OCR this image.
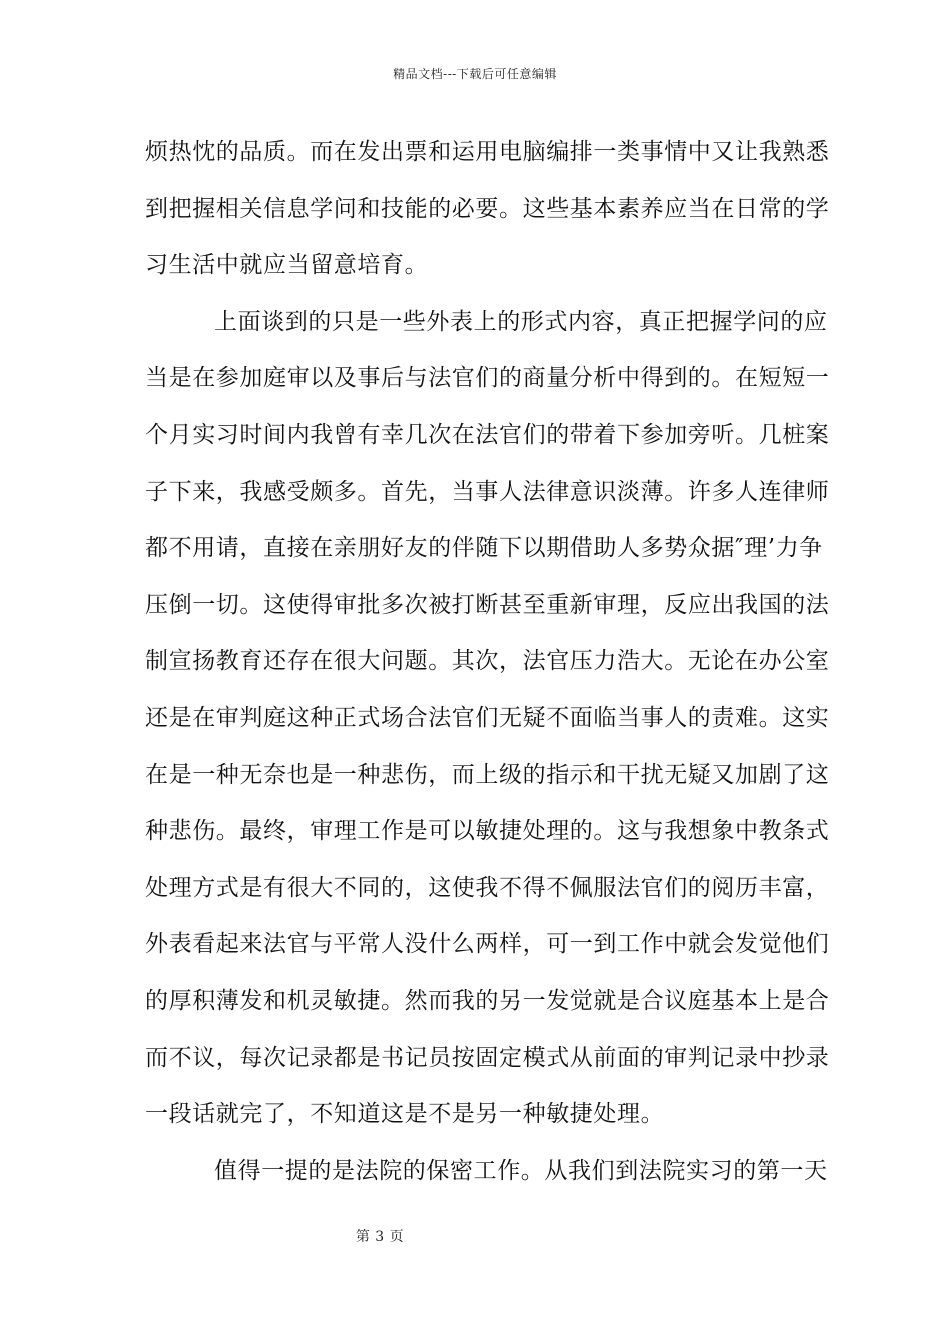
精品文档---下载后可任意编辑
烦热忱的品质。而在发出票和运用电脑编排一类事情中又让我熟悉
到把握相关信息学问和技能的必要。这些基本素养应当在日常的学
习生活中就应当留意培育。
上面谈到的只是一些外表上的形式内容，真正把握学问的应
当是在参加庭审以及事后与法官们的商量分析中得到的。在短短一
个月实习时间内我曾有幸几次在法官们的带着下参加旁听。几桩案
子下来，我感受颇多。首先，当事人法律意识淡薄。许多人连律师
都不用请，直接在亲朋好友的伴随下以期借助人多势众据″理’力争
压倒一切。这使得审批多次被打断甚至重新审理，反应出我国的法
制宣扬教育还存在很大问题。其次，法官压力浩大。无论在办公室
还是在审判庭这种正式场合法官们无疑不面临当事人的责难。这实
在是一种无奈也是一种悲伤，而上级的指示和干扰无疑又加剧了这
种悲伤。最终，审理工作是可以敏捷处理的。这与我想象中教条式
处理方式是有很大不同的，这使我不得不佩服法官们的阅历丰富，
外表看起来法官与平常人没什么两样，可一到工作中就会发觉他们
的厚积薄发和机灵敏捷。然而我的另一发觉就是合议庭基本上是合
而不议，每次记录都是书记员按固定模式从前面的审判记录中抄录
一段话就完了，不知道这是不是另一种敏捷处理。
值得一提的是法院的保密工作。从我们到法院实习的第一天
第 3 页
